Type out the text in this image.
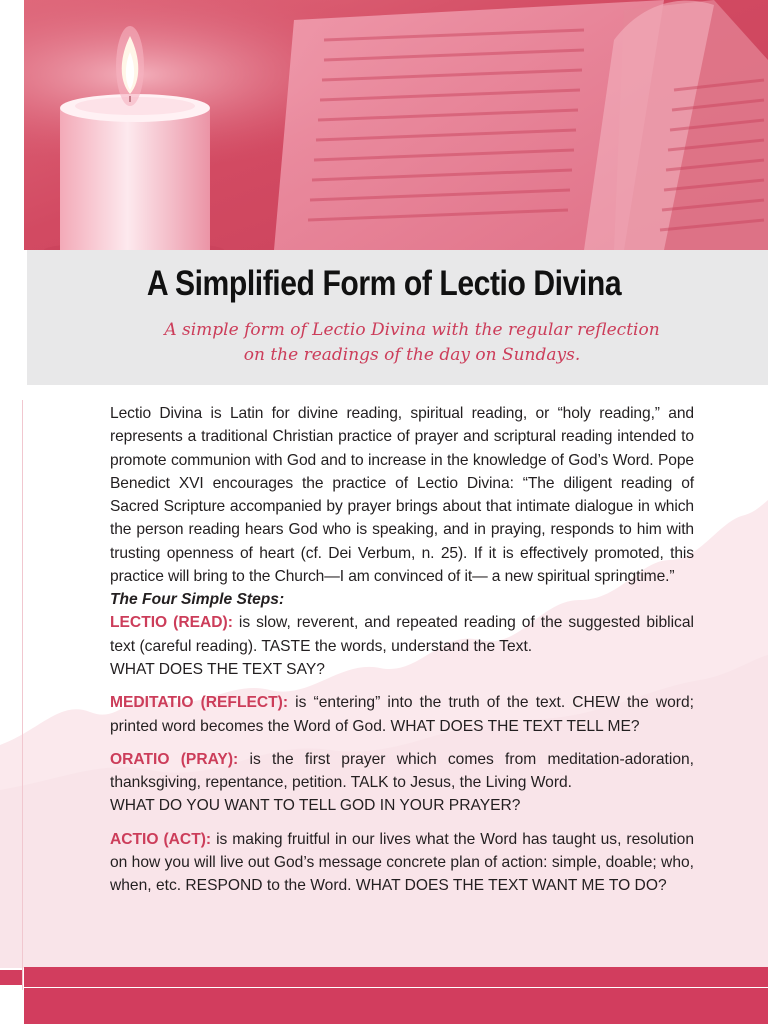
A Simplified Form of Lectio Divina

A simple form of Lectio Divina with the regular reflection
on the readings of the day on Sundays.

Lectio Divina is Latin for divine reading, spiritual reading, or “holy reading,” and represents a traditional Christian practice of prayer and scriptural reading intended to promote communion with God and to increase in the knowledge of God’s Word. Pope Benedict XVI encourages the practice of Lectio Divina: “The diligent reading of Sacred Scripture accompanied by prayer brings about that intimate dialogue in which the person reading hears God who is speaking, and in praying, responds to him with trusting openness of heart (cf. Dei Verbum, n. 25). If it is effectively promoted, this practice will bring to the Church—I am convinced of it— a new spiritual springtime.”

The Four Simple Steps:

LECTIO (READ): is slow, reverent, and repeated reading of the suggested biblical text (careful reading). TASTE the words, understand the Text.
WHAT DOES THE TEXT SAY?

MEDITATIO (REFLECT): is “entering” into the truth of the text. CHEW the word; printed word becomes the Word of God. WHAT DOES THE TEXT TELL ME?

ORATIO (PRAY): is the first prayer which comes from meditation-adoration, thanksgiving, repentance, petition. TALK to Jesus, the Living Word.
WHAT DO YOU WANT TO TELL GOD IN YOUR PRAYER?

ACTIO (ACT): is making fruitful in our lives what the Word has taught us, resolution on how you will live out God’s message concrete plan of action: simple, doable; who, when, etc. RESPOND to the Word. WHAT DOES THE TEXT WANT ME TO DO?
